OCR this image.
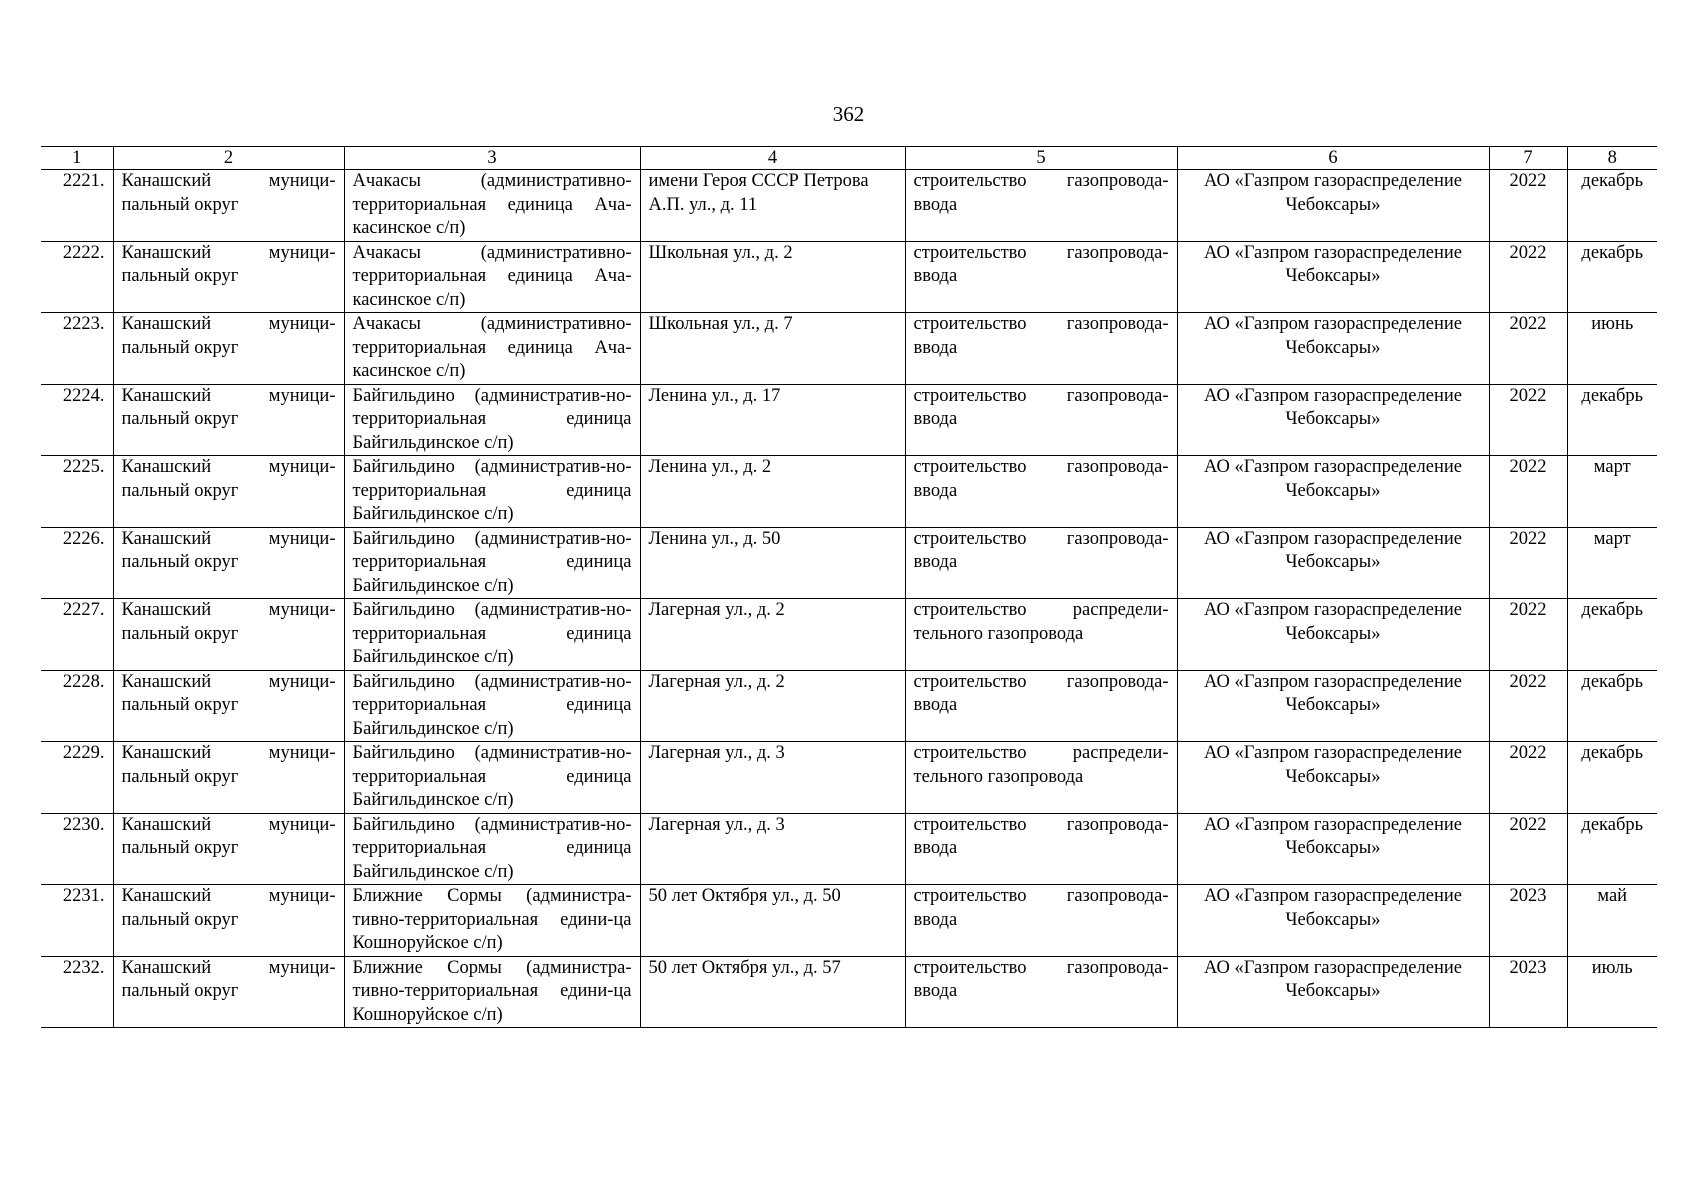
362
1	2	3	4	5	6	7	8
2221.	Канашский муници-пальный округ	Ачакасы (административно-территориальная единица Ача-касинское с/п)	имени Героя СССР Петрова А.П. ул., д. 11	строительство газопровода-ввода	АО «Газпром газораспределение Чебоксары»	2022	декабрь
2222.	Канашский муници-пальный округ	Ачакасы (административно-территориальная единица Ача-касинское с/п)	Школьная ул., д. 2	строительство газопровода-ввода	АО «Газпром газораспределение Чебоксары»	2022	декабрь
2223.	Канашский муници-пальный округ	Ачакасы (административно-территориальная единица Ача-касинское с/п)	Школьная ул., д. 7	строительство газопровода-ввода	АО «Газпром газораспределение Чебоксары»	2022	июнь
2224.	Канашский муници-пальный округ	Байгильдино (административ-но-территориальная единица Байгильдинское с/п)	Ленина ул., д. 17	строительство газопровода-ввода	АО «Газпром газораспределение Чебоксары»	2022	декабрь
2225.	Канашский муници-пальный округ	Байгильдино (административ-но-территориальная единица Байгильдинское с/п)	Ленина ул., д. 2	строительство газопровода-ввода	АО «Газпром газораспределение Чебоксары»	2022	март
2226.	Канашский муници-пальный округ	Байгильдино (административ-но-территориальная единица Байгильдинское с/п)	Ленина ул., д. 50	строительство газопровода-ввода	АО «Газпром газораспределение Чебоксары»	2022	март
2227.	Канашский муници-пальный округ	Байгильдино (административ-но-территориальная единица Байгильдинское с/п)	Лагерная ул., д. 2	строительство распредели-тельного газопровода	АО «Газпром газораспределение Чебоксары»	2022	декабрь
2228.	Канашский муници-пальный округ	Байгильдино (административ-но-территориальная единица Байгильдинское с/п)	Лагерная ул., д. 2	строительство газопровода-ввода	АО «Газпром газораспределение Чебоксары»	2022	декабрь
2229.	Канашский муници-пальный округ	Байгильдино (административ-но-территориальная единица Байгильдинское с/п)	Лагерная ул., д. 3	строительство распредели-тельного газопровода	АО «Газпром газораспределение Чебоксары»	2022	декабрь
2230.	Канашский муници-пальный округ	Байгильдино (административ-но-территориальная единица Байгильдинское с/п)	Лагерная ул., д. 3	строительство газопровода-ввода	АО «Газпром газораспределение Чебоксары»	2022	декабрь
2231.	Канашский муници-пальный округ	Ближние Сормы (администра-тивно-территориальная едини-ца Кошноруйское с/п)	50 лет Октября ул., д. 50	строительство газопровода-ввода	АО «Газпром газораспределение Чебоксары»	2023	май
2232.	Канашский муници-пальный округ	Ближние Сормы (администра-тивно-территориальная едини-ца Кошноруйское с/п)	50 лет Октября ул., д. 57	строительство газопровода-ввода	АО «Газпром газораспределение Чебоксары»	2023	июль
